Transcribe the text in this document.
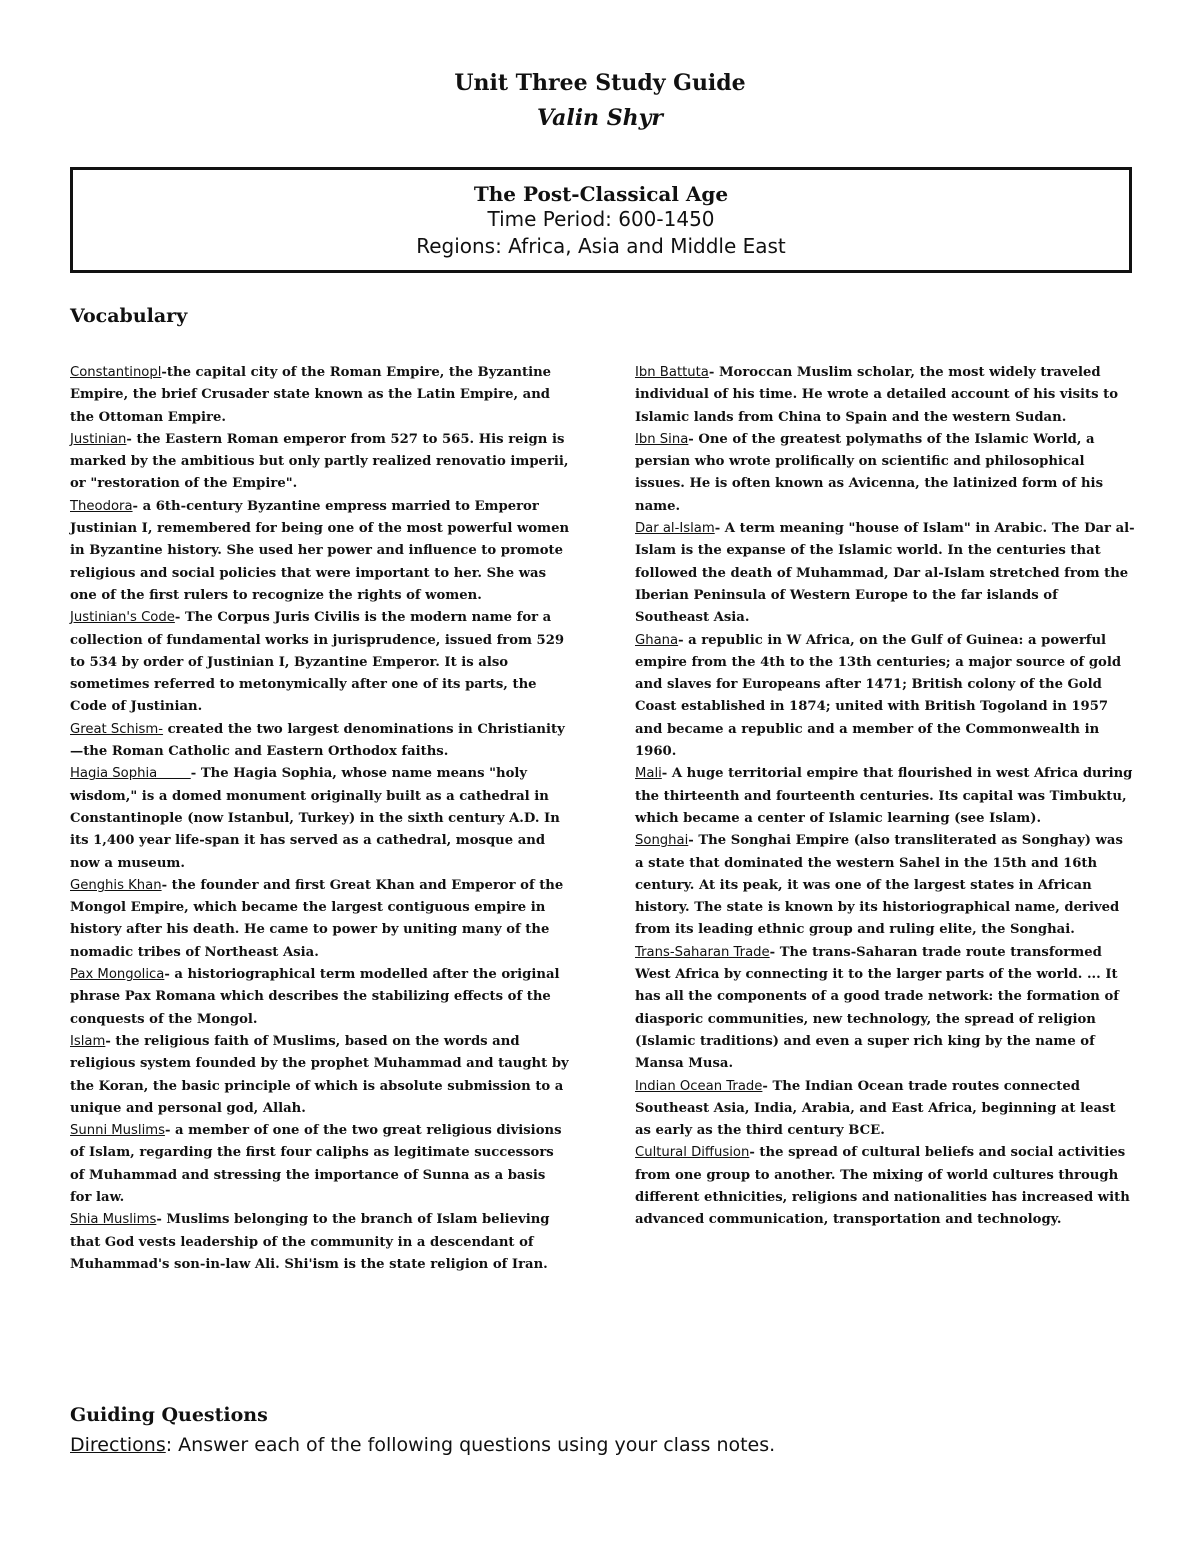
Unit Three Study Guide
Valin Shyr
The Post-Classical Age
Time Period: 600-1450
Regions: Africa, Asia and Middle East
Vocabulary

Constantinopl-the capital city of the Roman Empire, the Byzantine Empire, the brief Crusader state known as the Latin Empire, and the Ottoman Empire.

Justinian- the Eastern Roman emperor from 527 to 565. His reign is marked by the ambitious but only partly realized renovatio imperii, or "restoration of the Empire".

Theodora- a 6th-century Byzantine empress married to Emperor Justinian I, remembered for being one of the most powerful women in Byzantine history. She used her power and influence to promote religious and social policies that were important to her. She was one of the first rulers to recognize the rights of women.

Justinian's Code- The Corpus Juris Civilis is the modern name for a collection of fundamental works in jurisprudence, issued from 529 to 534 by order of Justinian I, Byzantine Emperor. It is also sometimes referred to metonymically after one of its parts, the Code of Justinian.

Great Schism- created the two largest denominations in Christianity—the Roman Catholic and Eastern Orthodox faiths.

Hagia Sophia        - The Hagia Sophia, whose name means "holy wisdom," is a domed monument originally built as a cathedral in Constantinople (now Istanbul, Turkey) in the sixth century A.D. In its 1,400 year life-span it has served as a cathedral, mosque and now a museum.

Genghis Khan- the founder and first Great Khan and Emperor of the Mongol Empire, which became the largest contiguous empire in history after his death. He came to power by uniting many of the nomadic tribes of Northeast Asia.

Pax Mongolica- a historiographical term modelled after the original phrase Pax Romana which describes the stabilizing effects of the conquests of the Mongol.

Islam- the religious faith of Muslims, based on the words and religious system founded by the prophet Muhammad and taught by the Koran, the basic principle of which is absolute submission to a unique and personal god, Allah.

Sunni Muslims- a member of one of the two great religious divisions of Islam, regarding the first four caliphs as legitimate successors of Muhammad and stressing the importance of Sunna as a basis for law.

Shia Muslims- Muslims belonging to the branch of Islam believing that God vests leadership of the community in a descendant of Muhammad's son-in-law Ali. Shi'ism is the state religion of Iran.

Ibn Battuta- Moroccan Muslim scholar, the most widely traveled individual of his time. He wrote a detailed account of his visits to Islamic lands from China to Spain and the western Sudan.

Ibn Sina- One of the greatest polymaths of the Islamic World, a persian who wrote prolifically on scientific and philosophical issues. He is often known as Avicenna, the latinized form of his name.

Dar al-Islam- A term meaning "house of Islam" in Arabic. The Dar al-Islam is the expanse of the Islamic world. In the centuries that followed the death of Muhammad, Dar al-Islam stretched from the Iberian Peninsula of Western Europe to the far islands of Southeast Asia.

Ghana- a republic in W Africa, on the Gulf of Guinea: a powerful empire from the 4th to the 13th centuries; a major source of gold and slaves for Europeans after 1471; British colony of the Gold Coast established in 1874; united with British Togoland in 1957 and became a republic and a member of the Commonwealth in 1960.

Mali- A huge territorial empire that flourished in west Africa during the thirteenth and fourteenth centuries. Its capital was Timbuktu, which became a center of Islamic learning (see Islam).

Songhai- The Songhai Empire (also transliterated as Songhay) was a state that dominated the western Sahel in the 15th and 16th century. At its peak, it was one of the largest states in African history. The state is known by its historiographical name, derived from its leading ethnic group and ruling elite, the Songhai.

Trans-Saharan Trade- The trans-Saharan trade route transformed West Africa by connecting it to the larger parts of the world. ... It has all the components of a good trade network: the formation of diasporic communities, new technology, the spread of religion (Islamic traditions) and even a super rich king by the name of Mansa Musa.

Indian Ocean Trade- The Indian Ocean trade routes connected Southeast Asia, India, Arabia, and East Africa, beginning at least as early as the third century BCE.

Cultural Diffusion- the spread of cultural beliefs and social activities from one group to another. The mixing of world cultures through different ethnicities, religions and nationalities has increased with advanced communication, transportation and technology.

Guiding Questions

Directions: Answer each of the following questions using your class notes.
